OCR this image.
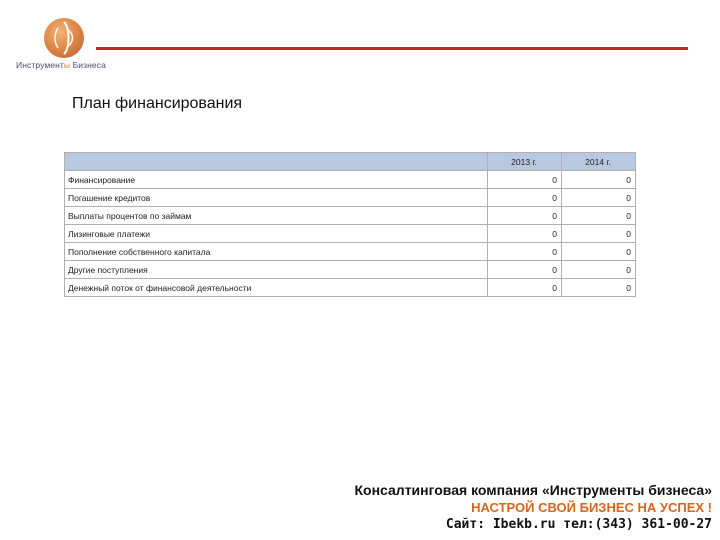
Инструменты Бизнеса
План финансирования
	2013 г.	2014 г.
Финансирование	0	0
Погашение кредитов	0	0
Выплаты процентов по займам	0	0
Лизинговые платежи	0	0
Пополнение собственного капитала	0	0
Другие поступления	0	0
Денежный поток от финансовой деятельности	0	0
Консалтинговая компания «Инструменты бизнеса»
НАСТРОЙ СВОЙ БИЗНЕС НА УСПЕХ !
Сайт: Ibekb.ru тел:(343) 361-00-27
